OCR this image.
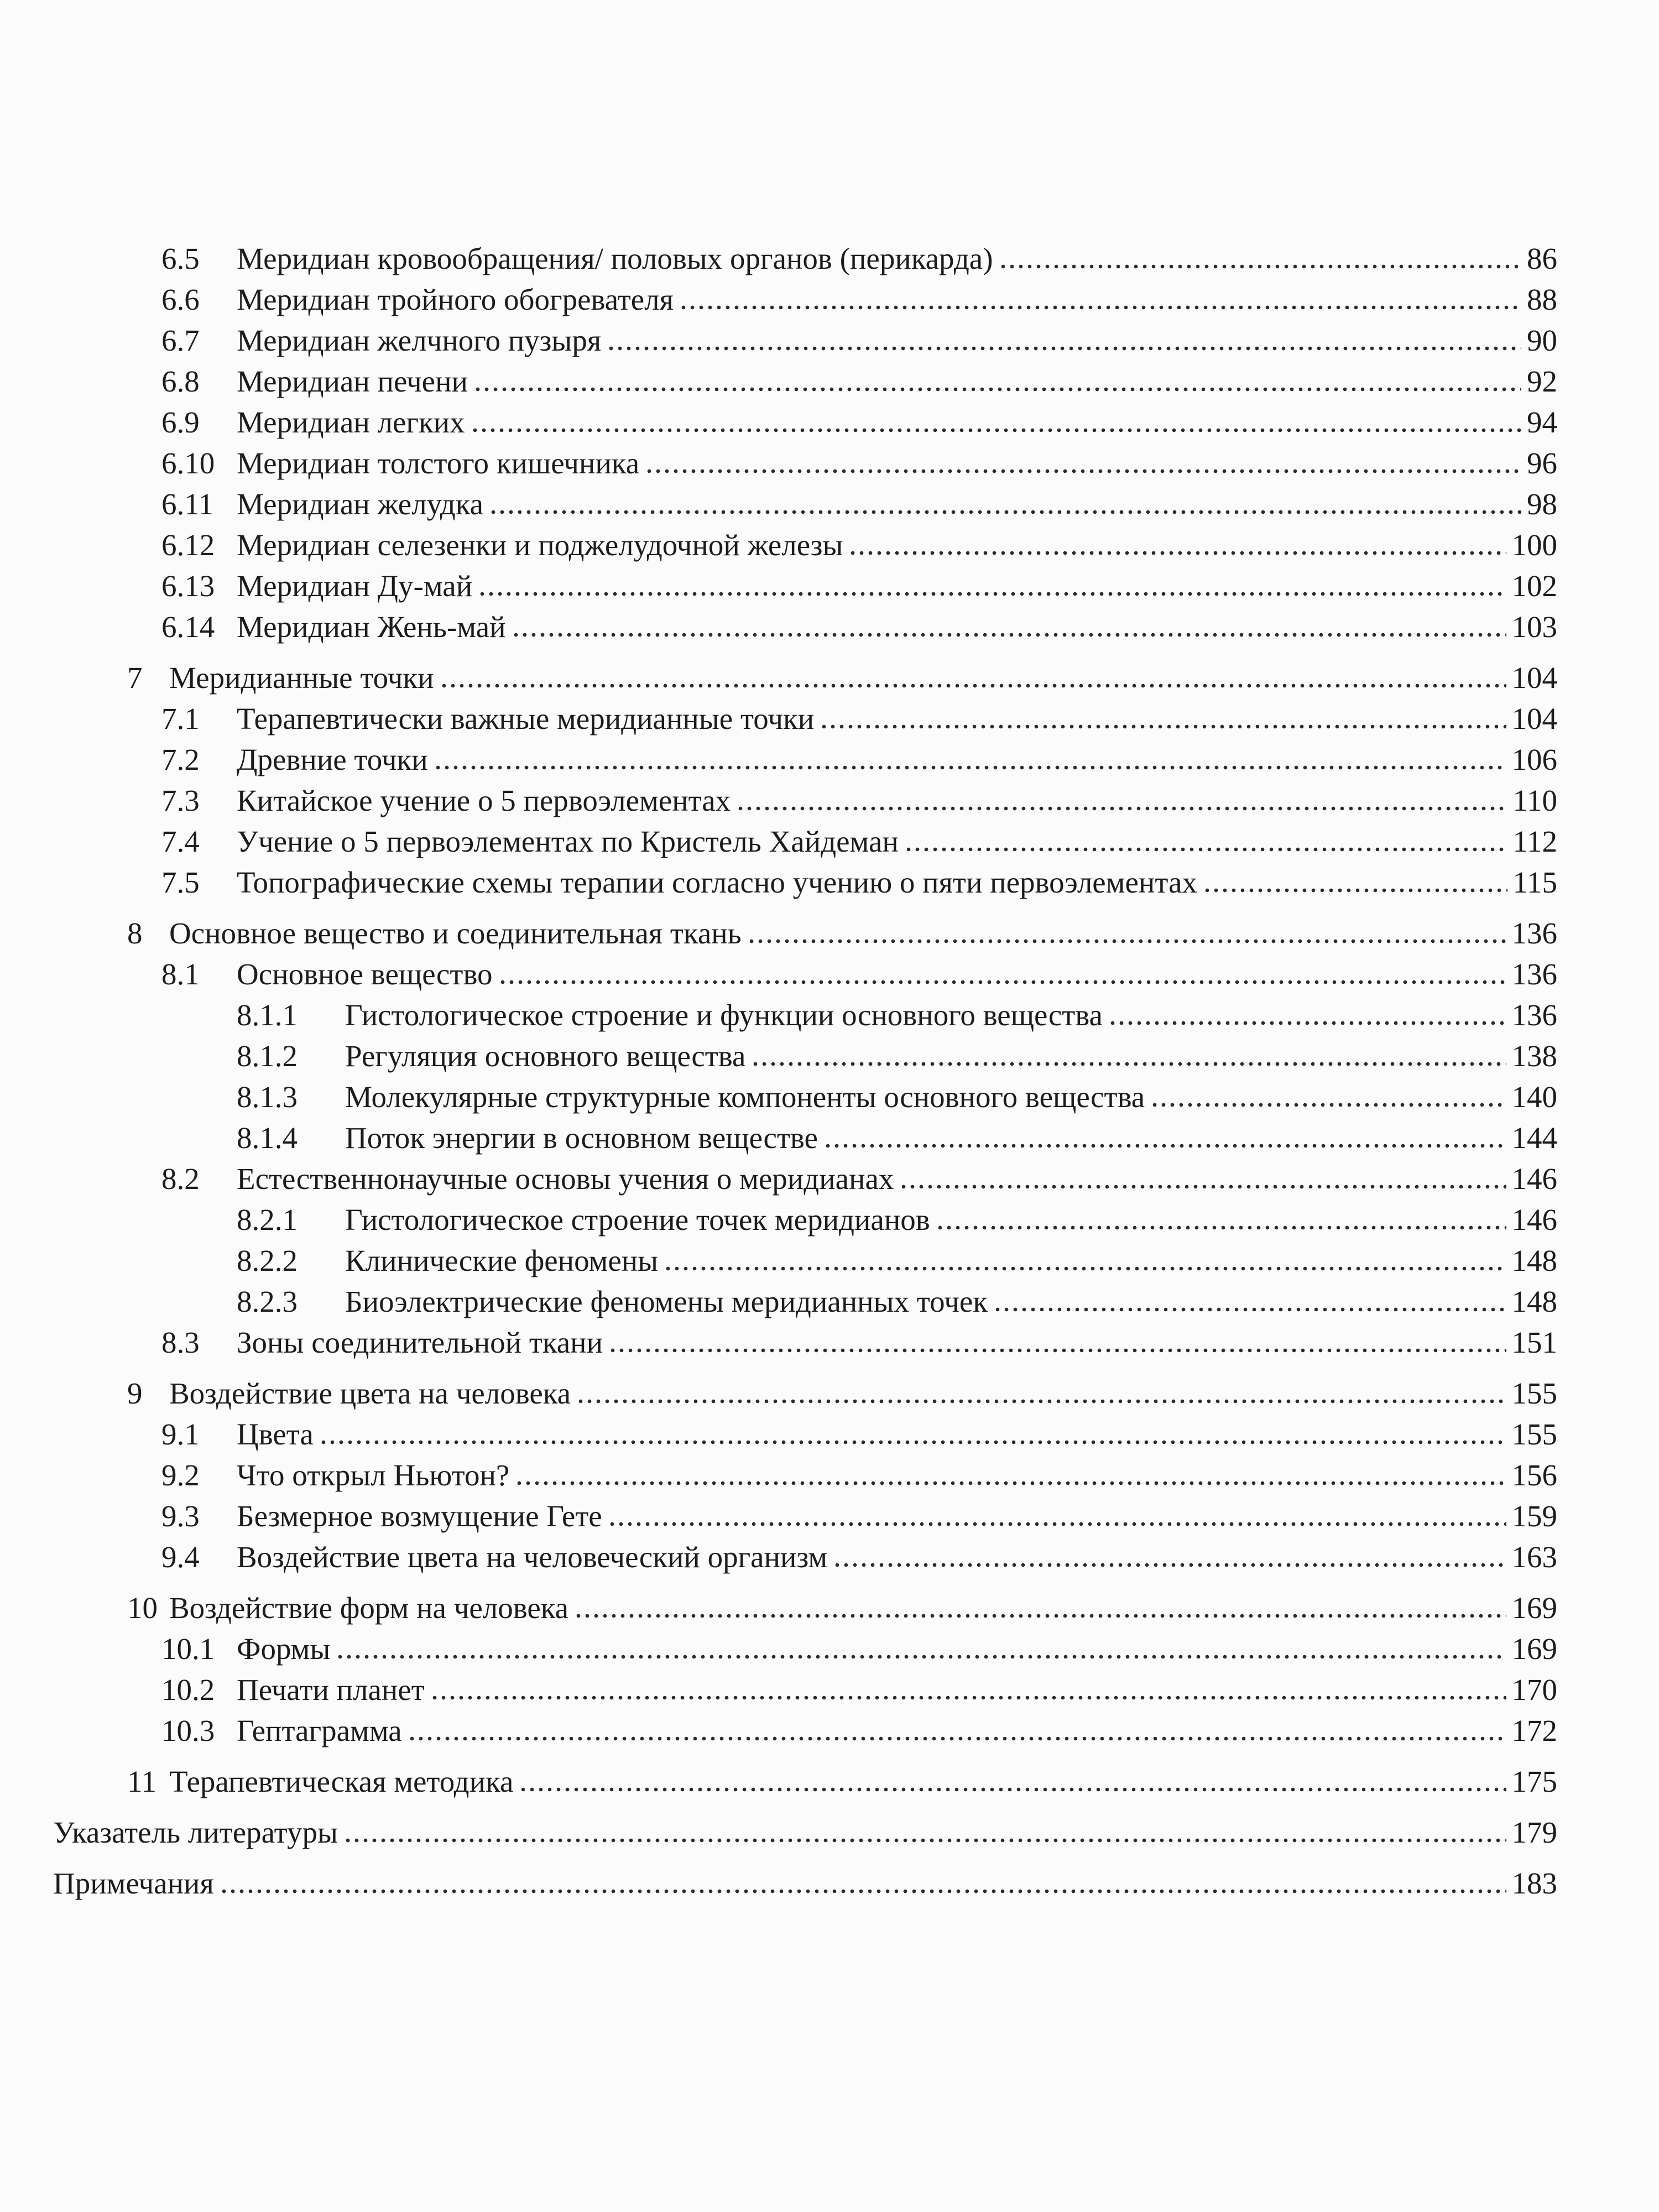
6.5	Меридиан кровообращения/ половых органов (перикарда)	86
6.6	Меридиан тройного обогревателя	88
6.7	Меридиан желчного пузыря	90
6.8	Меридиан печени	92
6.9	Меридиан легких	94
6.10 Меридиан толстого кишечника	96
6.11 Меридиан желудка	98
6.12 Меридиан селезенки и поджелудочной железы	100
6.13 Меридиан Ду-май	102
6.14 Меридиан Жень-май	103
7 Меридианные точки	104
7.1	Терапевтически важные меридианные точки	104
7.2	Древние точки	106
7.3	Китайское учение о 5 первоэлементах	110
7.4	Учение о 5 первоэлементах по Кристель Хайдеман	112
7.5	Топографические схемы терапии согласно учению о пяти первоэлементах	115
8 Основное вещество и соединительная ткань	136
8.1	Основное вещество	136
8.1.1	Гистологическое строение и функции основного вещества	136
8.1.2	Регуляция основного вещества	138
8.1.3	Молекулярные структурные компоненты основного вещества	140
8.1.4	Поток энергии в основном веществе	144
8.2	Естественнонаучные основы учения о меридианах	146
8.2.1	Гистологическое строение точек меридианов	146
8.2.2	Клинические феномены	148
8.2.3	Биоэлектрические феномены меридианных точек	148
8.3	Зоны соединительной ткани	151
9 Воздействие цвета на человека	155
9.1	Цвета	155
9.2	Что открыл Ньютон?	156
9.3	Безмерное возмущение Гете	159
9.4	Воздействие цвета на человеческий организм	163
10 Воздействие форм на человека	169
10.1 Формы	169
10.2 Печати планет	170
10.3 Гептаграмма	172
11 Терапевтическая методика	175
Указатель литературы	179
Примечания	183
